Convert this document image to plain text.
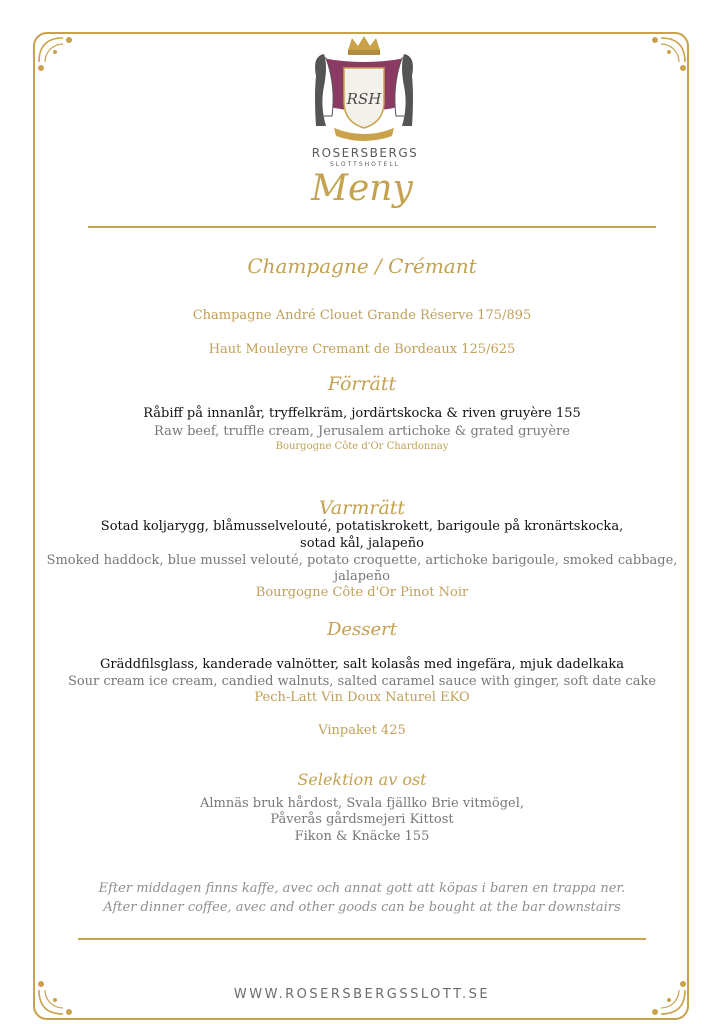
RSH
ROSERSBERGS
SLOTTSHOTELL
Meny
Champagne / Crémant
Champagne André Clouet Grande Réserve 175/895
Haut Mouleyre Cremant de Bordeaux 125/625
Förrätt
Råbiff på innanlår, tryffelkräm, jordärtskocka & riven gruyère 155
Raw beef, truffle cream, Jerusalem artichoke & grated gruyère
Bourgogne Côte d'Or Chardonnay
Varmrätt
Sotad koljarygg, blåmusselvelouté, potatiskrokett, barigoule på kronärtskocka,
sotad kål, jalapeño
Smoked haddock, blue mussel velouté, potato croquette, artichoke barigoule, smoked cabbage,
jalapeño
Bourgogne Côte d'Or Pinot Noir
Dessert
Gräddfilsglass, kanderade valnötter, salt kolasås med ingefära, mjuk dadelkaka
Sour cream ice cream, candied walnuts, salted caramel sauce with ginger, soft date cake
Pech-Latt Vin Doux Naturel EKO
Vinpaket 425
Selektion av ost
Almnäs bruk hårdost, Svala fjällko Brie vitmögel,
Påverås gårdsmejeri Kittost
Fikon & Knäcke 155
Efter middagen finns kaffe, avec och annat gott att köpas i baren en trappa ner.
After dinner coffee, avec and other goods can be bought at the bar downstairs
WWW.ROSERSBERGSSLOTT.SE
